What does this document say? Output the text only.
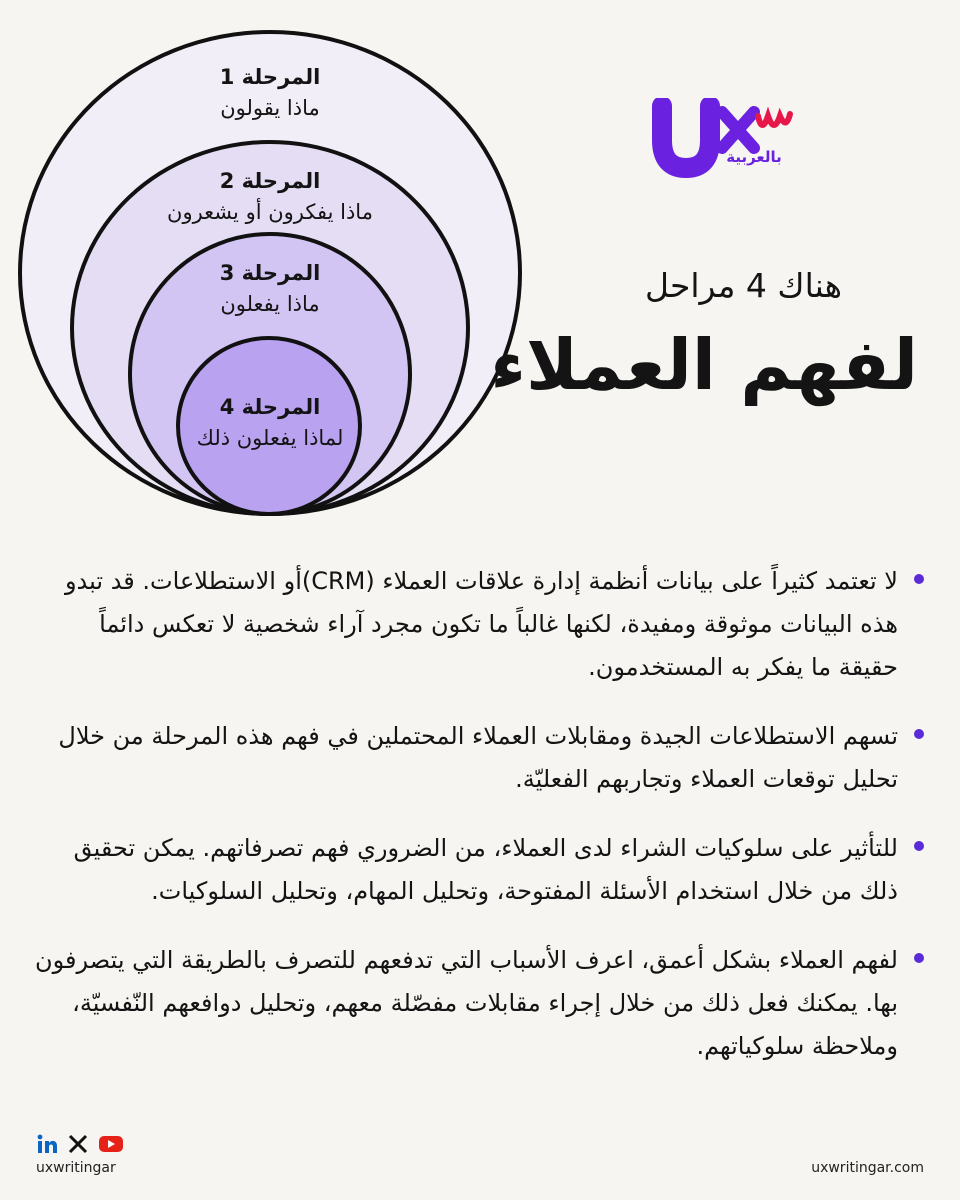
المرحلة 1
ماذا يقولون
المرحلة 2
ماذا يفكرون أو يشعرون
المرحلة 3
ماذا يفعلون
المرحلة 4
لماذا يفعلون ذلك
بالعربية
هناك 4 مراحل
لفهم العملاء
لا تعتمد كثيراً على بيانات أنظمة إدارة علاقات العملاء (CRM)أو الاستطلاعات. قد تبدو هذه البيانات موثوقة ومفيدة، لكنها غالباً ما تكون مجرد آراء شخصية لا تعكس دائماً حقيقة ما يفكر به المستخدمون.
تسهم الاستطلاعات الجيدة ومقابلات العملاء المحتملين في فهم هذه المرحلة من خلال تحليل توقعات العملاء وتجاربهم الفعليّة.
للتأثير على سلوكيات الشراء لدى العملاء، من الضروري فهم تصرفاتهم. يمكن تحقيق ذلك من خلال استخدام الأسئلة المفتوحة، وتحليل المهام، وتحليل السلوكيات.
لفهم العملاء بشكل أعمق، اعرف الأسباب التي تدفعهم للتصرف بالطريقة التي يتصرفون بها. يمكنك فعل ذلك من خلال إجراء مقابلات مفصّلة معهم، وتحليل دوافعهم النّفسيّة، وملاحظة سلوكياتهم.
uxwritingar	uxwritingar.com
